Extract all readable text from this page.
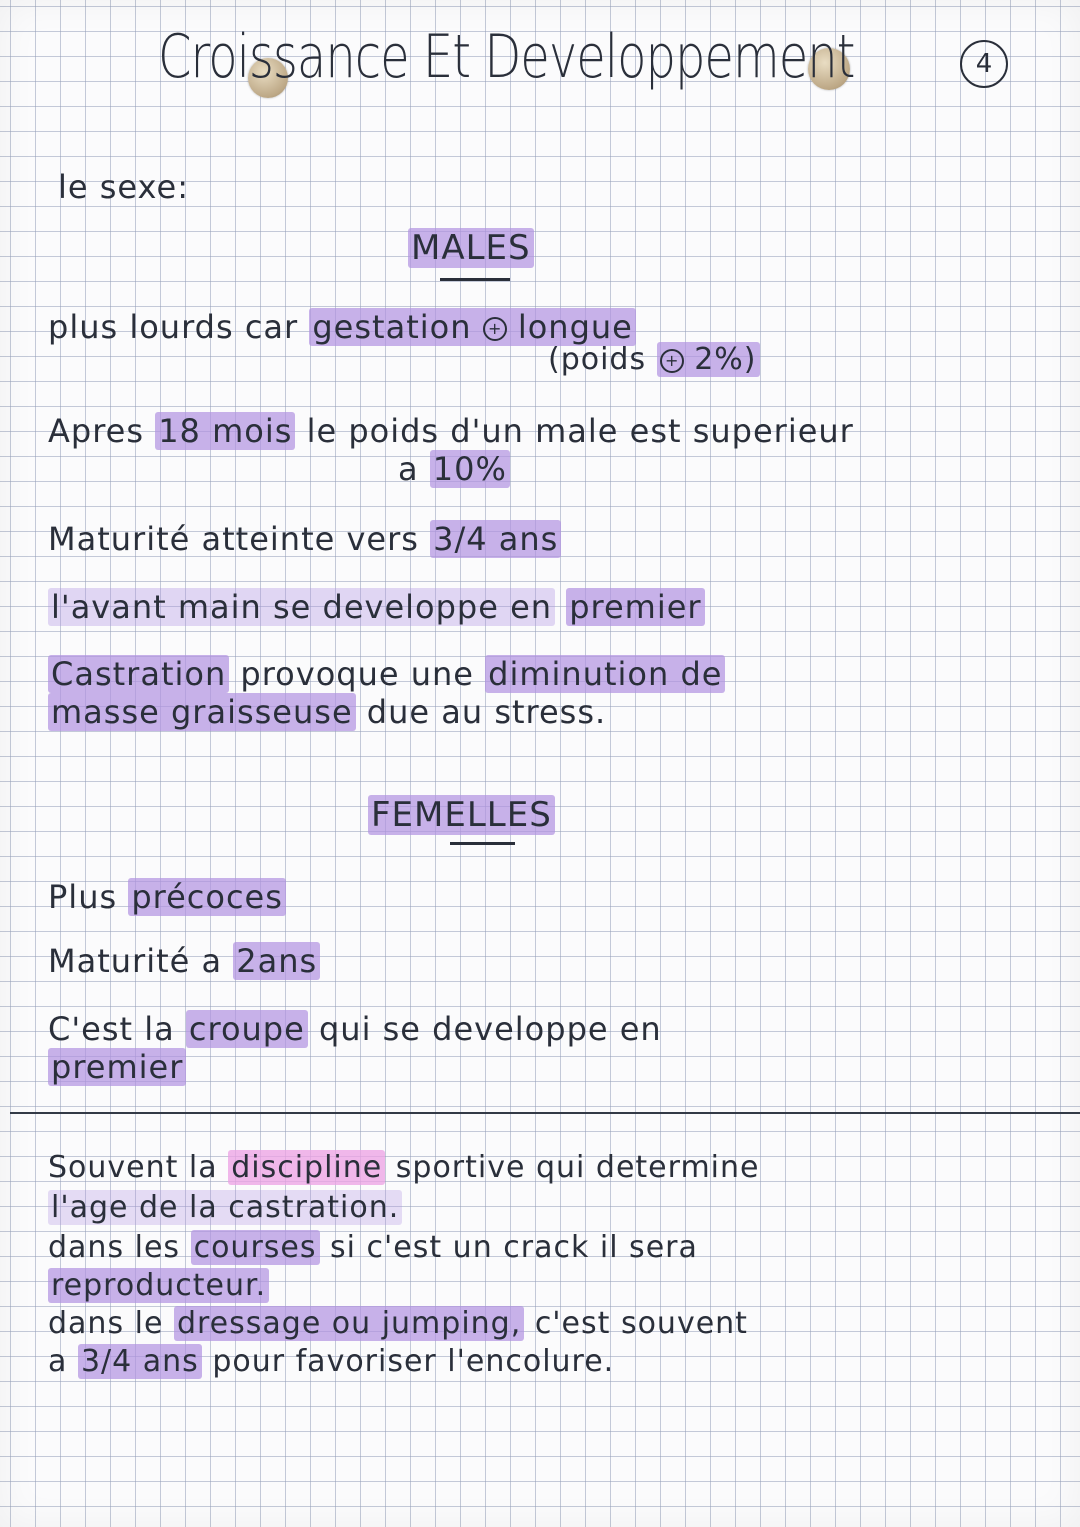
4
Croissance Et Developpement
le sexe:
MALES
plus lourds car gestation + longue
(poids + 2%)
Apres 18 mois le poids d'un male est superieur
a 10%
Maturité atteinte vers 3/4 ans
l'avant main se developpe en premier
Castration provoque une diminution de
masse graisseuse due au stress.
FEMELLES
Plus précoces
Maturité a 2ans
C'est la croupe qui se developpe en
premier
Souvent la discipline sportive qui determine
l'age de la castration.
dans les courses si c'est un crack il sera
reproducteur.
dans le dressage ou jumping, c'est souvent
a 3/4 ans pour favoriser l'encolure.
